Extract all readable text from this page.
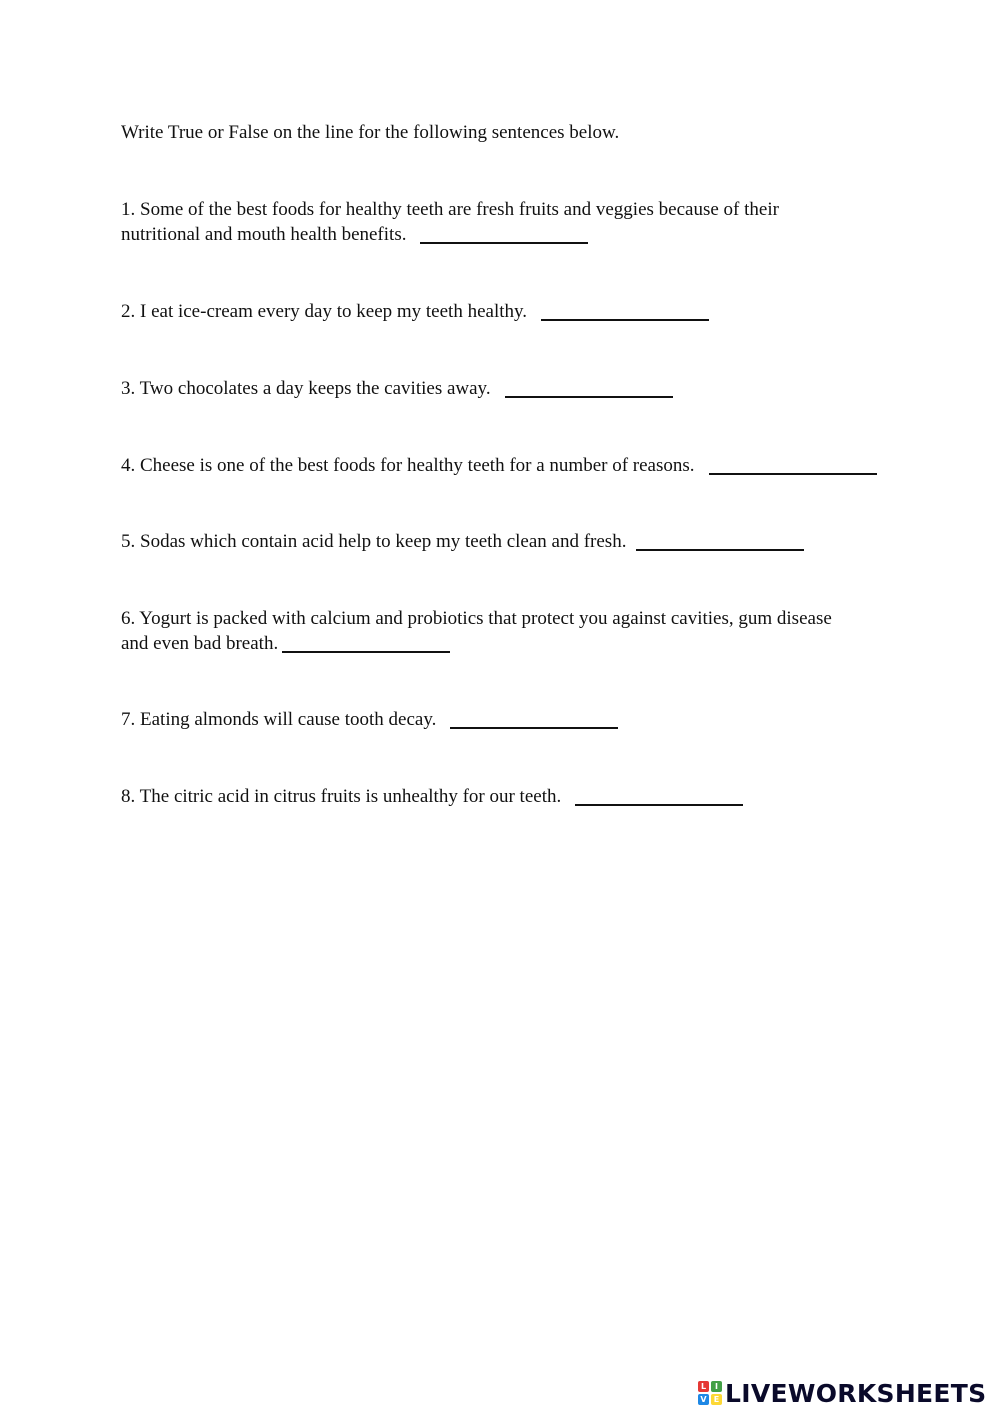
Write True or False on the line for the following sentences below.
1. Some of the best foods for healthy teeth are fresh fruits and veggies because of their
nutritional and mouth health benefits.
2. I eat ice-cream every day to keep my teeth healthy.
3. Two chocolates a day keeps the cavities away.
4. Cheese is one of the best foods for healthy teeth for a number of reasons.
5. Sodas which contain acid help to keep my teeth clean and fresh.
6. Yogurt is packed with calcium and probiotics that protect you against cavities, gum disease
and even bad breath.
7. Eating almonds will cause tooth decay.
8. The citric acid in citrus fruits is unhealthy for our teeth.
L	I
V E LIVEWORKSHEETS
